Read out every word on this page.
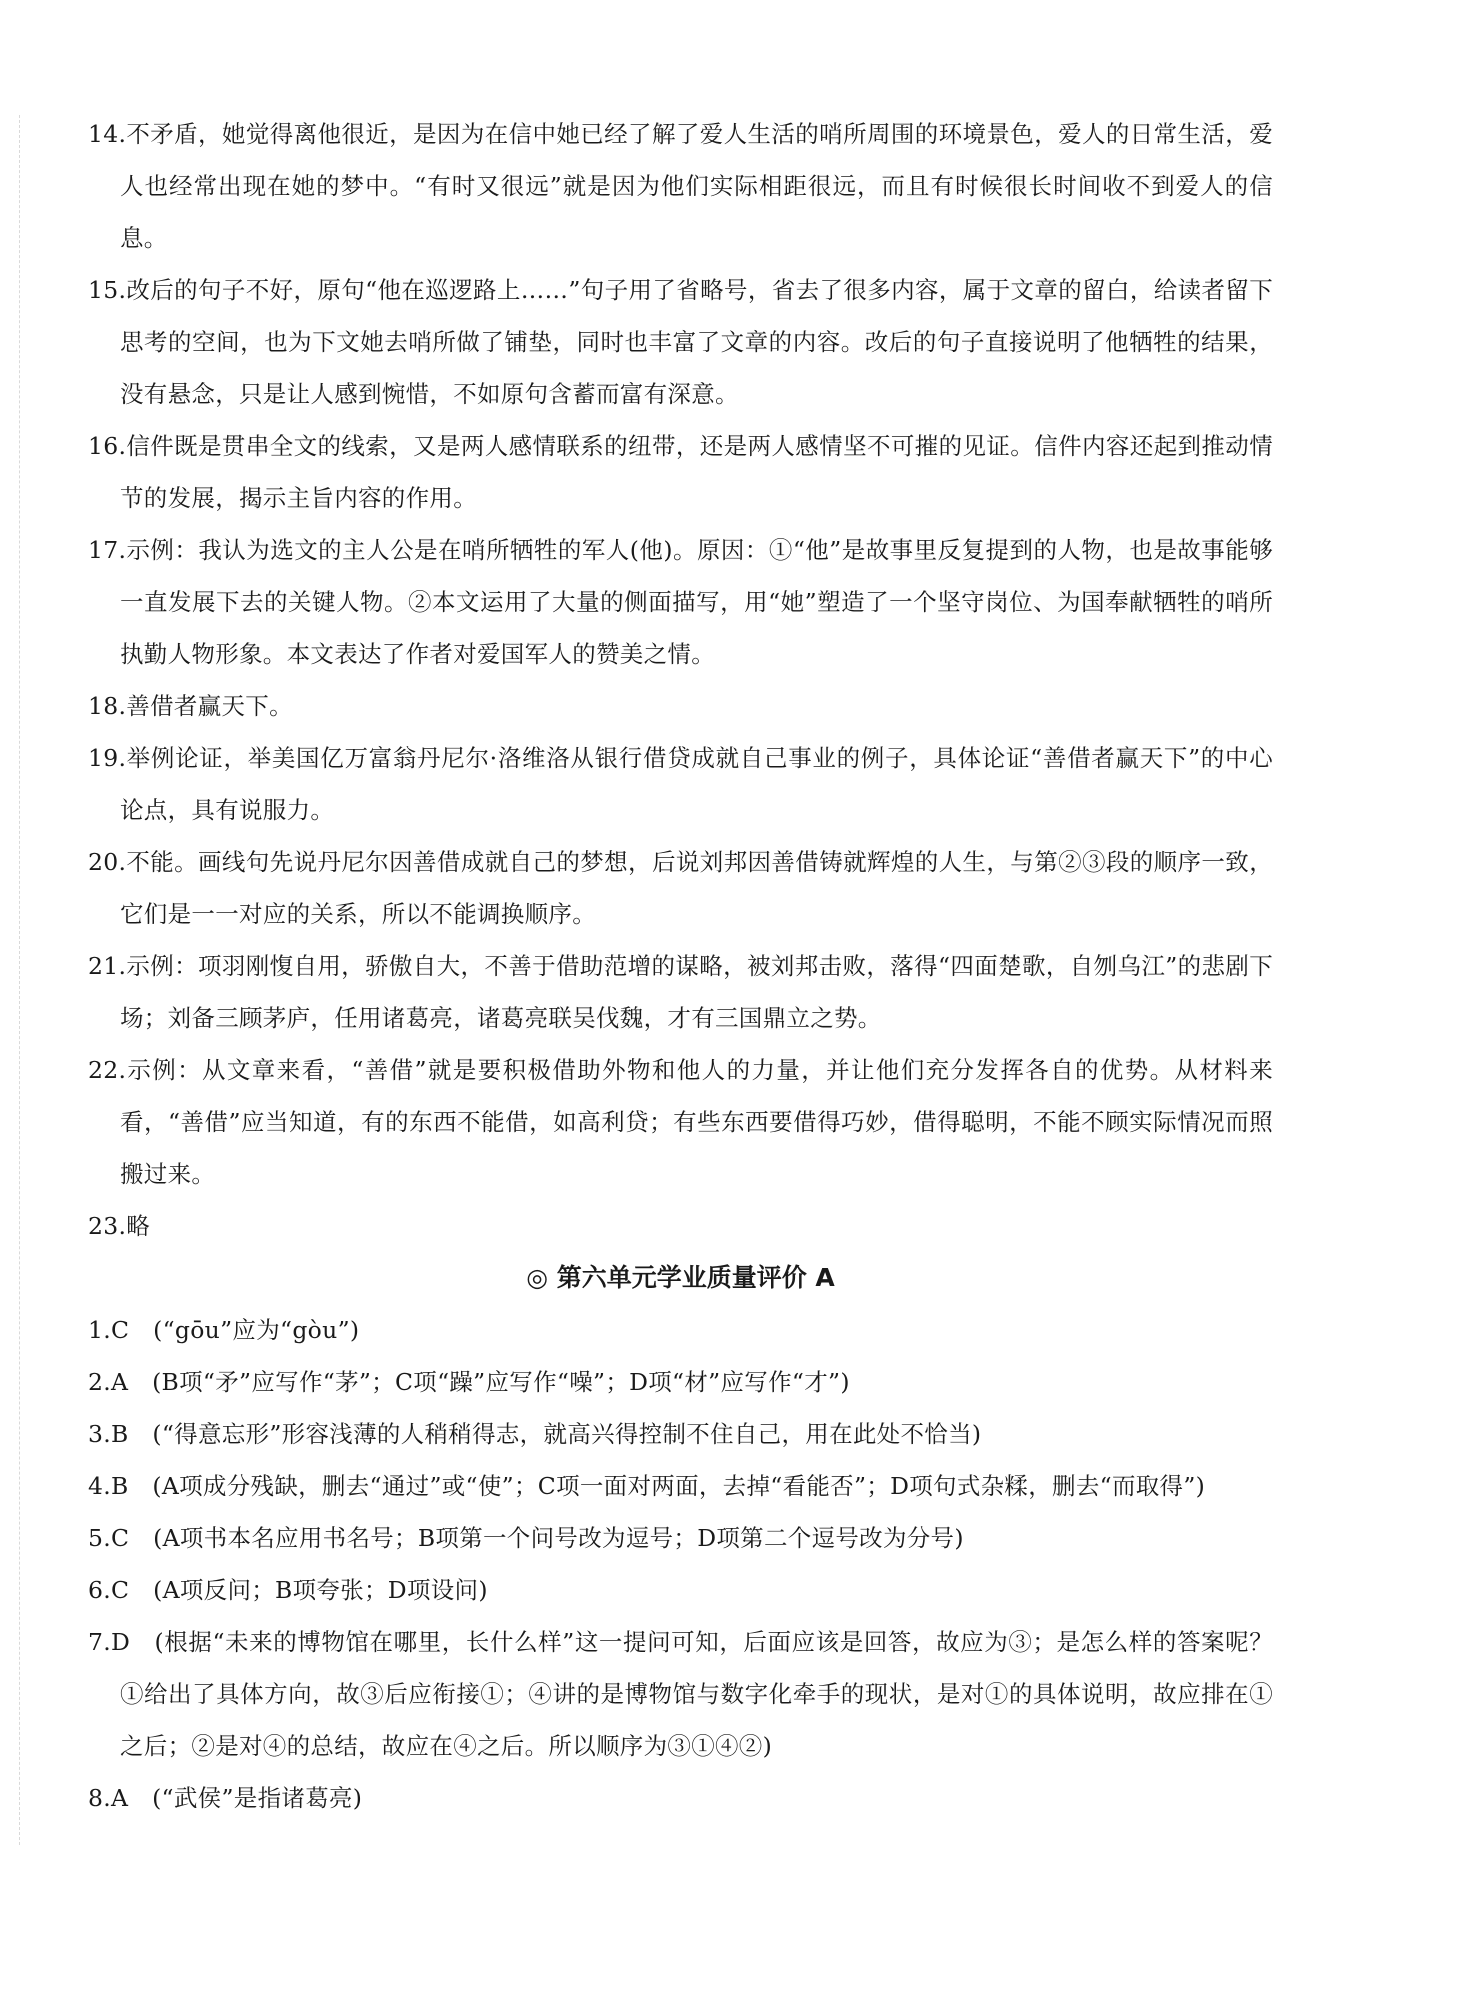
14.不矛盾，她觉得离他很近，是因为在信中她已经了解了爱人生活的哨所周围的环境景色，爱人的日常生活，爱人也经常出现在她的梦中。“有时又很远”就是因为他们实际相距很远，而且有时候很长时间收不到爱人的信息。

15.改后的句子不好，原句“他在巡逻路上……”句子用了省略号，省去了很多内容，属于文章的留白，给读者留下思考的空间，也为下文她去哨所做了铺垫，同时也丰富了文章的内容。改后的句子直接说明了他牺牲的结果，没有悬念，只是让人感到惋惜，不如原句含蓄而富有深意。

16.信件既是贯串全文的线索，又是两人感情联系的纽带，还是两人感情坚不可摧的见证。信件内容还起到推动情节的发展，揭示主旨内容的作用。

17.示例：我认为选文的主人公是在哨所牺牲的军人(他)。原因：①“他”是故事里反复提到的人物，也是故事能够一直发展下去的关键人物。②本文运用了大量的侧面描写，用“她”塑造了一个坚守岗位、为国奉献牺牲的哨所执勤人物形象。本文表达了作者对爱国军人的赞美之情。

18.善借者赢天下。

19.举例论证，举美国亿万富翁丹尼尔·洛维洛从银行借贷成就自己事业的例子，具体论证“善借者赢天下”的中心论点，具有说服力。

20.不能。画线句先说丹尼尔因善借成就自己的梦想，后说刘邦因善借铸就辉煌的人生，与第②③段的顺序一致，它们是一一对应的关系，所以不能调换顺序。

21.示例：项羽刚愎自用，骄傲自大，不善于借助范增的谋略，被刘邦击败，落得“四面楚歌，自刎乌江”的悲剧下场；刘备三顾茅庐，任用诸葛亮，诸葛亮联吴伐魏，才有三国鼎立之势。

22.示例：从文章来看，“善借”就是要积极借助外物和他人的力量，并让他们充分发挥各自的优势。从材料来看，“善借”应当知道，有的东西不能借，如高利贷；有些东西要借得巧妙，借得聪明，不能不顾实际情况而照搬过来。

23.略

◎ 第六单元学业质量评价 A

1.C　(“gōu”应为“gòu”)

2.A　(B项“矛”应写作“茅”；C项“躁”应写作“噪”；D项“材”应写作“才”)

3.B　(“得意忘形”形容浅薄的人稍稍得志，就高兴得控制不住自己，用在此处不恰当)

4.B　(A项成分残缺，删去“通过”或“使”；C项一面对两面，去掉“看能否”；D项句式杂糅，删去“而取得”)

5.C　(A项书本名应用书名号；B项第一个问号改为逗号；D项第二个逗号改为分号)

6.C　(A项反问；B项夸张；D项设问)

7.D　(根据“未来的博物馆在哪里，长什么样”这一提问可知，后面应该是回答，故应为③；是怎么样的答案呢？①给出了具体方向，故③后应衔接①；④讲的是博物馆与数字化牵手的现状，是对①的具体说明，故应排在①之后；②是对④的总结，故应在④之后。所以顺序为③①④②)

8.A　(“武侯”是指诸葛亮)
